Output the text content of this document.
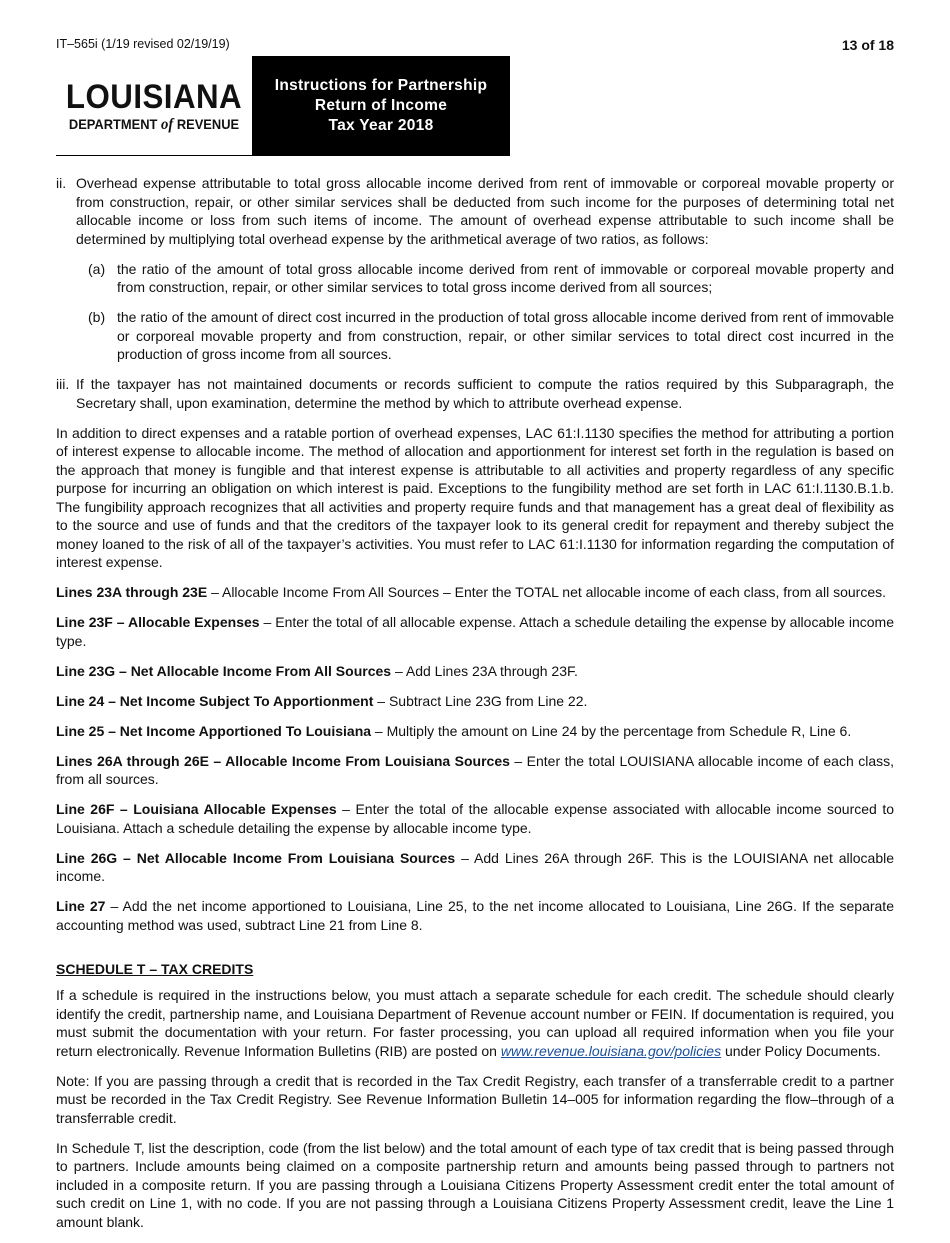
IT–565i (1/19 revised 02/19/19)	13 of 18
LOUISIANA
DEPARTMENT of REVENUE
Instructions for Partnership
Return of Income
Tax Year 2018
ii. Overhead expense attributable to total gross allocable income derived from rent of immovable or corporeal movable property or from construction, repair, or other similar services shall be deducted from such income for the purposes of determining total net allocable income or loss from such items of income. The amount of overhead expense attributable to such income shall be determined by multiplying total overhead expense by the arithmetical average of two ratios, as follows:
(a) the ratio of the amount of total gross allocable income derived from rent of immovable or corporeal movable property and from construction, repair, or other similar services to total gross income derived from all sources;
(b) the ratio of the amount of direct cost incurred in the production of total gross allocable income derived from rent of immovable or corporeal movable property and from construction, repair, or other similar services to total direct cost incurred in the production of gross income from all sources.
iii. If the taxpayer has not maintained documents or records sufficient to compute the ratios required by this Subparagraph, the Secretary shall, upon examination, determine the method by which to attribute overhead expense.

In addition to direct expenses and a ratable portion of overhead expenses, LAC 61:I.1130 specifies the method for attributing a portion of interest expense to allocable income. The method of allocation and apportionment for interest set forth in the regulation is based on the approach that money is fungible and that interest expense is attributable to all activities and property regardless of any specific purpose for incurring an obligation on which interest is paid. Exceptions to the fungibility method are set forth in LAC 61:I.1130.B.1.b. The fungibility approach recognizes that all activities and property require funds and that management has a great deal of flexibility as to the source and use of funds and that the creditors of the taxpayer look to its general credit for repayment and thereby subject the money loaned to the risk of all of the taxpayer’s activities. You must refer to LAC 61:I.1130 for information regarding the computation of interest expense.

Lines 23A through 23E – Allocable Income From All Sources – Enter the TOTAL net allocable income of each class, from all sources.

Line 23F – Allocable Expenses – Enter the total of all allocable expense. Attach a schedule detailing the expense by allocable income type.

Line 23G – Net Allocable Income From All Sources – Add Lines 23A through 23F.

Line 24 – Net Income Subject To Apportionment – Subtract Line 23G from Line 22.

Line 25 – Net Income Apportioned To Louisiana – Multiply the amount on Line 24 by the percentage from Schedule R, Line 6.

Lines 26A through 26E – Allocable Income From Louisiana Sources – Enter the total LOUISIANA allocable income of each class, from all sources.

Line 26F – Louisiana Allocable Expenses – Enter the total of the allocable expense associated with allocable income sourced to Louisiana. Attach a schedule detailing the expense by allocable income type.

Line 26G – Net Allocable Income From Louisiana Sources – Add Lines 26A through 26F. This is the LOUISIANA net allocable income.

Line 27 – Add the net income apportioned to Louisiana, Line 25, to the net income allocated to Louisiana, Line 26G. If the separate accounting method was used, subtract Line 21 from Line 8.

SCHEDULE T – TAX CREDITS

If a schedule is required in the instructions below, you must attach a separate schedule for each credit. The schedule should clearly identify the credit, partnership name, and Louisiana Department of Revenue account number or FEIN. If documentation is required, you must submit the documentation with your return. For faster processing, you can upload all required information when you file your return electronically. Revenue Information Bulletins (RIB) are posted on www.revenue.louisiana.gov/policies under Policy Documents.

Note: If you are passing through a credit that is recorded in the Tax Credit Registry, each transfer of a transferrable credit to a partner must be recorded in the Tax Credit Registry. See Revenue Information Bulletin 14–005 for information regarding the flow–through of a transferrable credit.

In Schedule T, list the description, code (from the list below) and the total amount of each type of tax credit that is being passed through to partners. Include amounts being claimed on a composite partnership return and amounts being passed through to partners not included in a composite return. If you are passing through a Louisiana Citizens Property Assessment credit enter the total amount of such credit on Line 1, with no code. If you are not passing through a Louisiana Citizens Property Assessment credit, leave the Line 1 amount blank.
